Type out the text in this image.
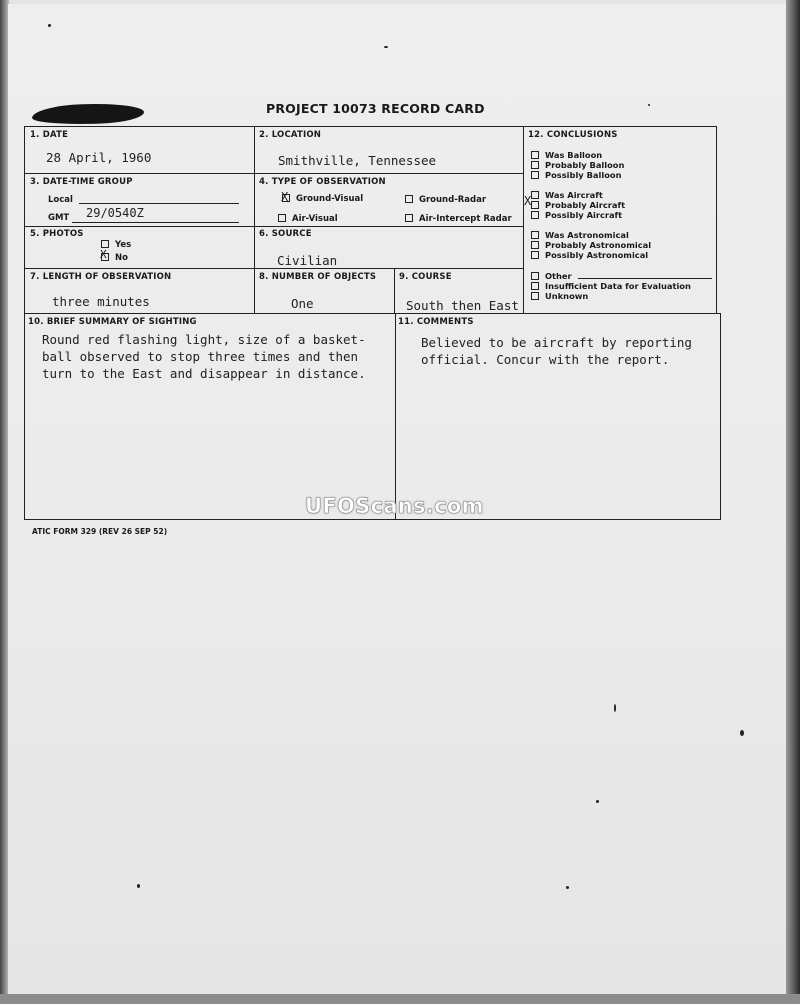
PROJECT 10073 RECORD CARD
1. DATE
28 April, 1960
2. LOCATION
Smithville, Tennessee
3. DATE-TIME GROUP
Local
GMT 29/0540Z
4. TYPE OF OBSERVATION
Ground-Visual
X	Ground-Radar
Air-Visual	Air-Intercept Radar
5. PHOTOS
Yes
No
X
6. SOURCE
Civilian
7. LENGTH OF OBSERVATION
three minutes
8. NUMBER OF OBJECTS
One
9. COURSE
South then East
12. CONCLUSIONS
Was Balloon
Probably Balloon
Possibly Balloon
Was Aircraft
Probably Aircraft
X
Possibly Aircraft
Was Astronomical
Probably Astronomical
Possibly Astronomical
Other
Insufficient Data for Evaluation
Unknown
10. BRIEF SUMMARY OF SIGHTING
Round red flashing light, size of a basket-
ball observed to stop three times and then
turn to the East and disappear in distance.
11. COMMENTS
Believed to be aircraft by reporting
official. Concur with the report.
UFOScans.com
ATIC FORM 329 (REV 26 SEP 52)
